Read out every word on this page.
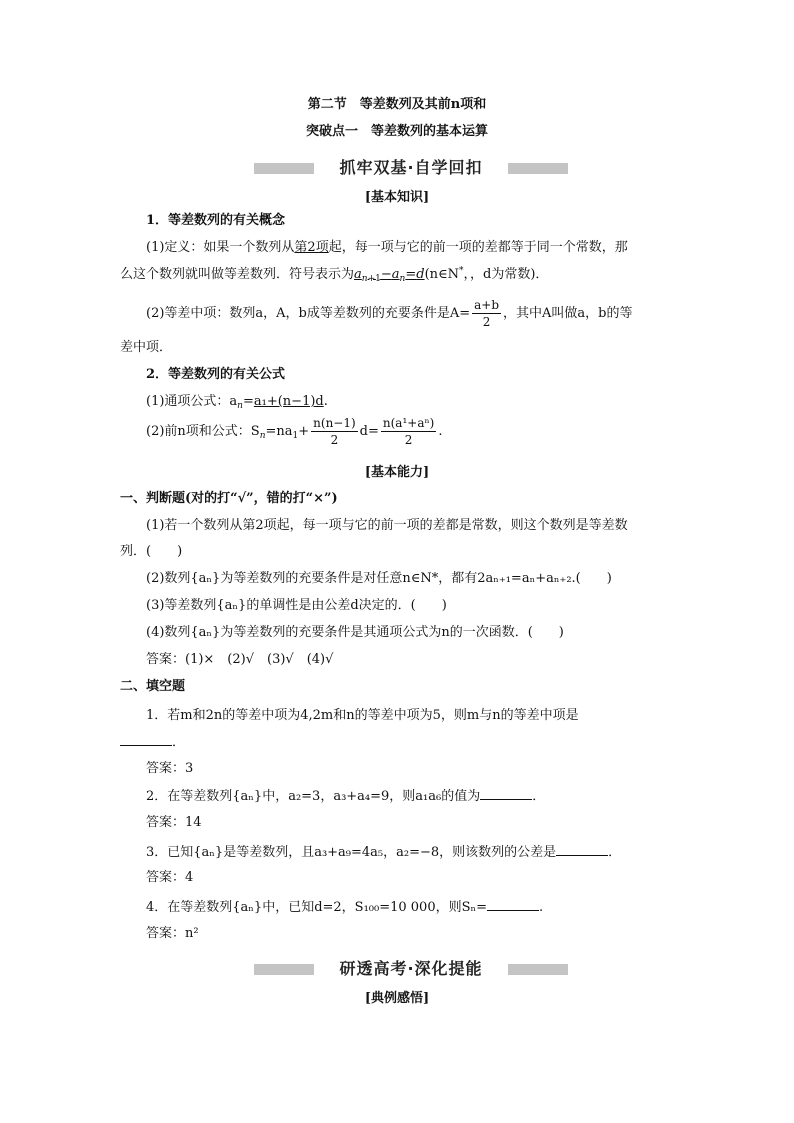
第二节　等差数列及其前n项和
突破点一　等差数列的基本运算
抓牢双基·自学回扣
[基本知识]
1．等差数列的有关概念
(1)定义：如果一个数列从第2项起，每一项与它的前一项的差都等于同一个常数，那
么这个数列就叫做等差数列．符号表示为$a_{n+1}-a_n=d(n\in N^*$，，d为常数)．
(2)等差中项：数列a，A，b成等差数列的充要条件是$A= \frac{a+b}{2}$ ，其中A叫做a，b的等
差中项．
2．等差数列的有关公式
(1)通项公式：$a_n=a_1+(n-1)d$.
(2)前n项和公式：$S_n=na_1+ \frac{n(n-1)}{2} d= \frac{\text{n(a¹+aⁿ)}}{2}$ .
[基本能力]
一、判断题(对的打“√”，错的打“×”)
(1)若一个数列从第2项起，每一项与它的前一项的差都是常数，则这个数列是等差数
列．(　　)
(2)数列{aₙ}为等差数列的充要条件是对任意n∈N*，都有2aₙ₊₁=aₙ+aₙ₊₂.(　　)
(3)等差数列{aₙ}的单调性是由公差d决定的．(　　)
(4)数列{aₙ}为等差数列的充要条件是其通项公式为n的一次函数．(　　)
答案：(1)×　(2)√　(3)√　(4)√
二、填空题
1．若m和2n的等差中项为4,2m和n的等差中项为5，则m与n的等差中项是
．
答案：3
2．在等差数列{aₙ}中，a₂=3，a₃+a₄=9，则a₁a₆的值为	．
答案：14
3．已知{aₙ}是等差数列，且a₃+a₉=4a₅，a₂=−8，则该数列的公差是	．
答案：4
4．在等差数列{aₙ}中，已知d=2，S₁₀₀=10 000，则Sₙ=	.
答案：n²
研透高考·深化提能
[典例感悟]
